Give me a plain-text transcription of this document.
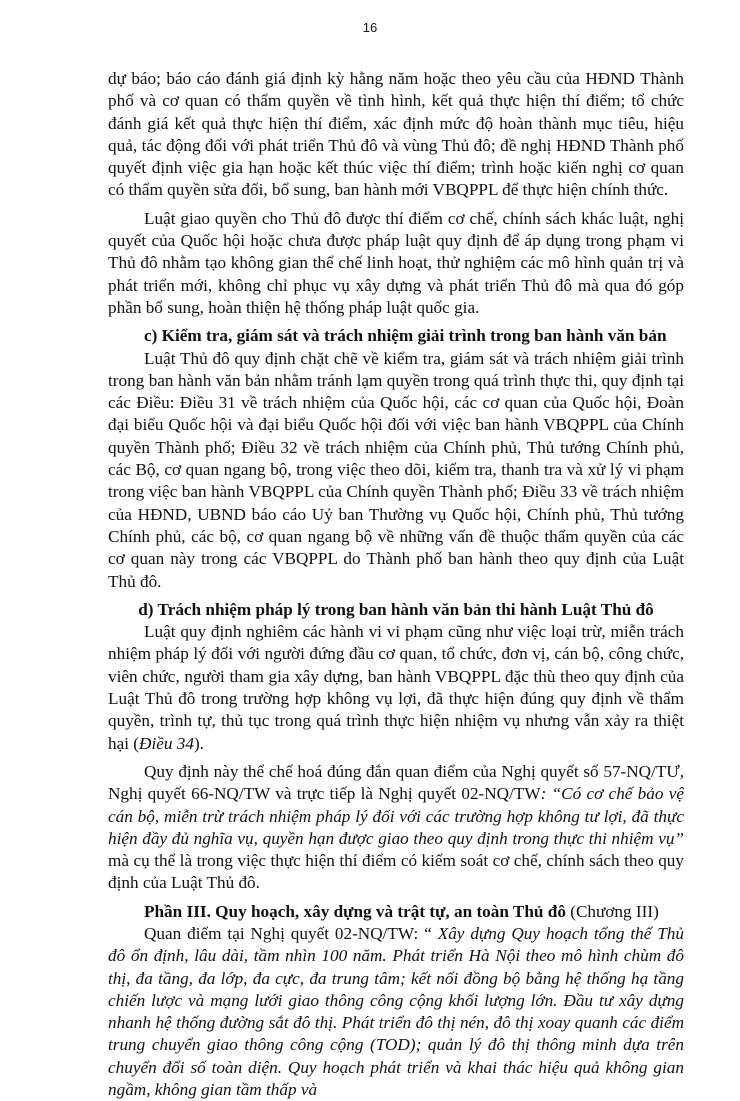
16

dự báo; báo cáo đánh giá định kỳ hằng năm hoặc theo yêu cầu của HĐND Thành phố và cơ quan có thẩm quyền về tình hình, kết quả thực hiện thí điểm; tổ chức đánh giá kết quả thực hiện thí điểm, xác định mức độ hoàn thành mục tiêu, hiệu quả, tác động đối với phát triển Thủ đô và vùng Thủ đô; đề nghị HĐND Thành phố quyết định việc gia hạn hoặc kết thúc việc thí điểm; trình hoặc kiến nghị cơ quan có thẩm quyền sửa đổi, bổ sung, ban hành mới VBQPPL để thực hiện chính thức.

Luật giao quyền cho Thủ đô được thí điểm cơ chế, chính sách khác luật, nghị quyết của Quốc hội hoặc chưa được pháp luật quy định để áp dụng trong phạm vi Thủ đô nhằm tạo không gian thể chế linh hoạt, thử nghiệm các mô hình quản trị và phát triển mới, không chỉ phục vụ xây dựng và phát triển Thủ đô mà qua đó góp phần bổ sung, hoàn thiện hệ thống pháp luật quốc gia.

c) Kiểm tra, giám sát và trách nhiệm giải trình trong ban hành văn bản

Luật Thủ đô quy định chặt chẽ về kiểm tra, giám sát và trách nhiệm giải trình trong ban hành văn bản nhằm tránh lạm quyền trong quá trình thực thi, quy định tại các Điều: Điều 31 về trách nhiệm của Quốc hội, các cơ quan của Quốc hội, Đoàn đại biểu Quốc hội và đại biểu Quốc hội đối với việc ban hành VBQPPL của Chính quyền Thành phố; Điều 32 về trách nhiệm của Chính phủ, Thủ tướng Chính phủ, các Bộ, cơ quan ngang bộ, trong việc theo dõi, kiểm tra, thanh tra và xử lý vi phạm trong việc ban hành VBQPPL của Chính quyền Thành phố; Điều 33 về trách nhiệm của HĐND, UBND báo cáo Uỷ ban Thường vụ Quốc hội, Chính phủ, Thủ tướng Chính phủ, các bộ, cơ quan ngang bộ về những vấn đề thuộc thẩm quyền của các cơ quan này trong các VBQPPL do Thành phố ban hành theo quy định của Luật Thủ đô.

d) Trách nhiệm pháp lý trong ban hành văn bản thi hành Luật Thủ đô

Luật quy định nghiêm các hành vi vi phạm cũng như việc loại trừ, miễn trách nhiệm pháp lý đối với người đứng đầu cơ quan, tổ chức, đơn vị, cán bộ, công chức, viên chức, người tham gia xây dựng, ban hành VBQPPL đặc thù theo quy định của Luật Thủ đô trong trường hợp không vụ lợi, đã thực hiện đúng quy định về thẩm quyền, trình tự, thủ tục trong quá trình thực hiện nhiệm vụ nhưng vẫn xảy ra thiệt hại (Điều 34).

Quy định này thể chế hoá đúng đắn quan điểm của Nghị quyết số 57-NQ/TƯ, Nghị quyết 66-NQ/TW và trực tiếp là Nghị quyết 02-NQ/TW: “Có cơ chế bảo vệ cán bộ, miễn trừ trách nhiệm pháp lý đối với các trường hợp không tư lợi, đã thực hiện đầy đủ nghĩa vụ, quyền hạn được giao theo quy định trong thực thi nhiệm vụ” mà cụ thể là trong việc thực hiện thí điểm có kiểm soát cơ chế, chính sách theo quy định của Luật Thủ đô.

Phần III. Quy hoạch, xây dựng và trật tự, an toàn Thủ đô (Chương III)

Quan điểm tại Nghị quyết 02-NQ/TW: “ Xây dựng Quy hoạch tổng thể Thủ đô ổn định, lâu dài, tầm nhìn 100 năm. Phát triển Hà Nội theo mô hình chùm đô thị, đa tầng, đa lớp, đa cực, đa trung tâm; kết nối đồng bộ bằng hệ thống hạ tầng chiến lược và mạng lưới giao thông công cộng khối lượng lớn. Đầu tư xây dựng nhanh hệ thống đường sắt đô thị. Phát triển đô thị nén, đô thị xoay quanh các điểm trung chuyển giao thông công cộng (TOD); quản lý đô thị thông minh dựa trên chuyển đổi số toàn diện. Quy hoạch phát triển và khai thác hiệu quả không gian ngầm, không gian tầm thấp và
